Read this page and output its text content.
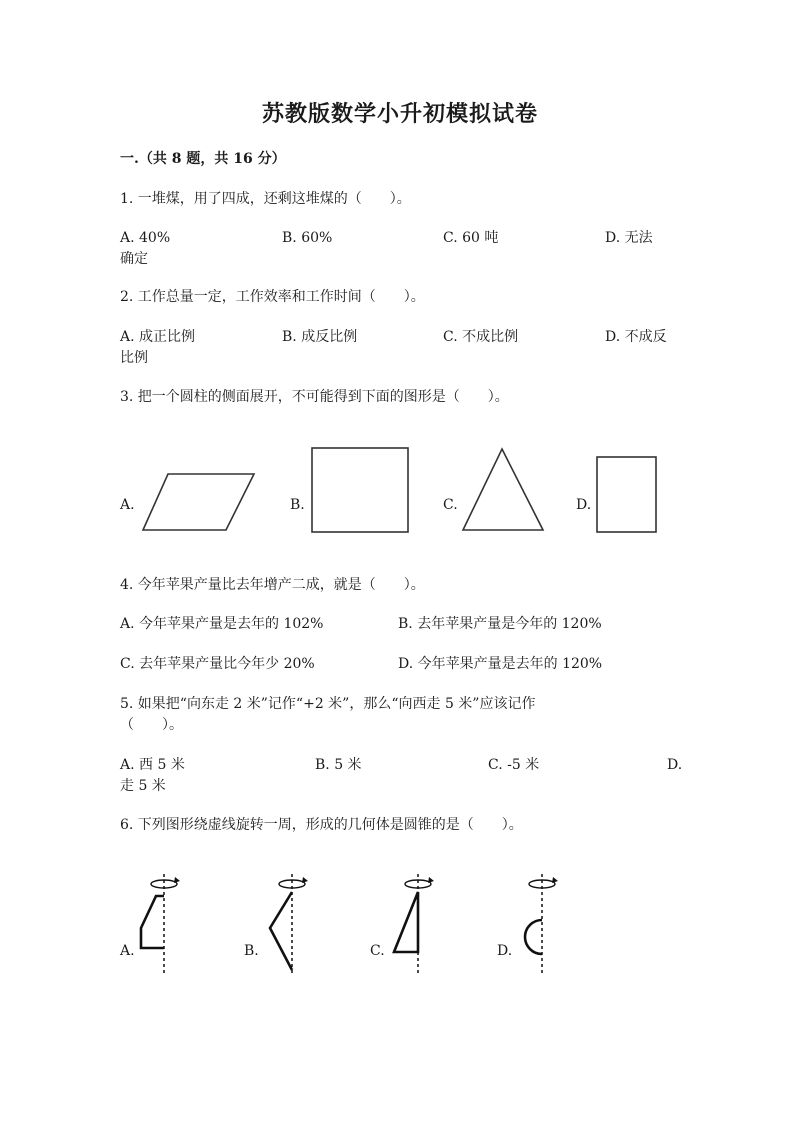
苏教版数学小升初模拟试卷
一.（共 8 题，共 16 分）
1. 一堆煤，用了四成，还剩这堆煤的（　　）。
A. 40%	B. 60%	C. 60 吨	D. 无法
确定
2. 工作总量一定，工作效率和工作时间（　　）。
A. 成正比例	B. 成反比例	C. 不成比例	D. 不成反
比例
3. 把一个圆柱的侧面展开，不可能得到下面的图形是（　　）。
A.	B.	C.	D.
4. 今年苹果产量比去年增产二成，就是（　　）。
A. 今年苹果产量是去年的 102%	B. 去年苹果产量是今年的 120%
C. 去年苹果产量比今年少 20%	D. 今年苹果产量是去年的 120%
5. 如果把“向东走 2 米”记作“+2 米”，那么“向西走 5 米”应该记作
（　　）。
A. 西 5 米	B. 5 米	C. -5 米	D.
走 5 米
6. 下列图形绕虚线旋转一周，形成的几何体是圆锥的是（　　）。
A.	B.	C.	D.
